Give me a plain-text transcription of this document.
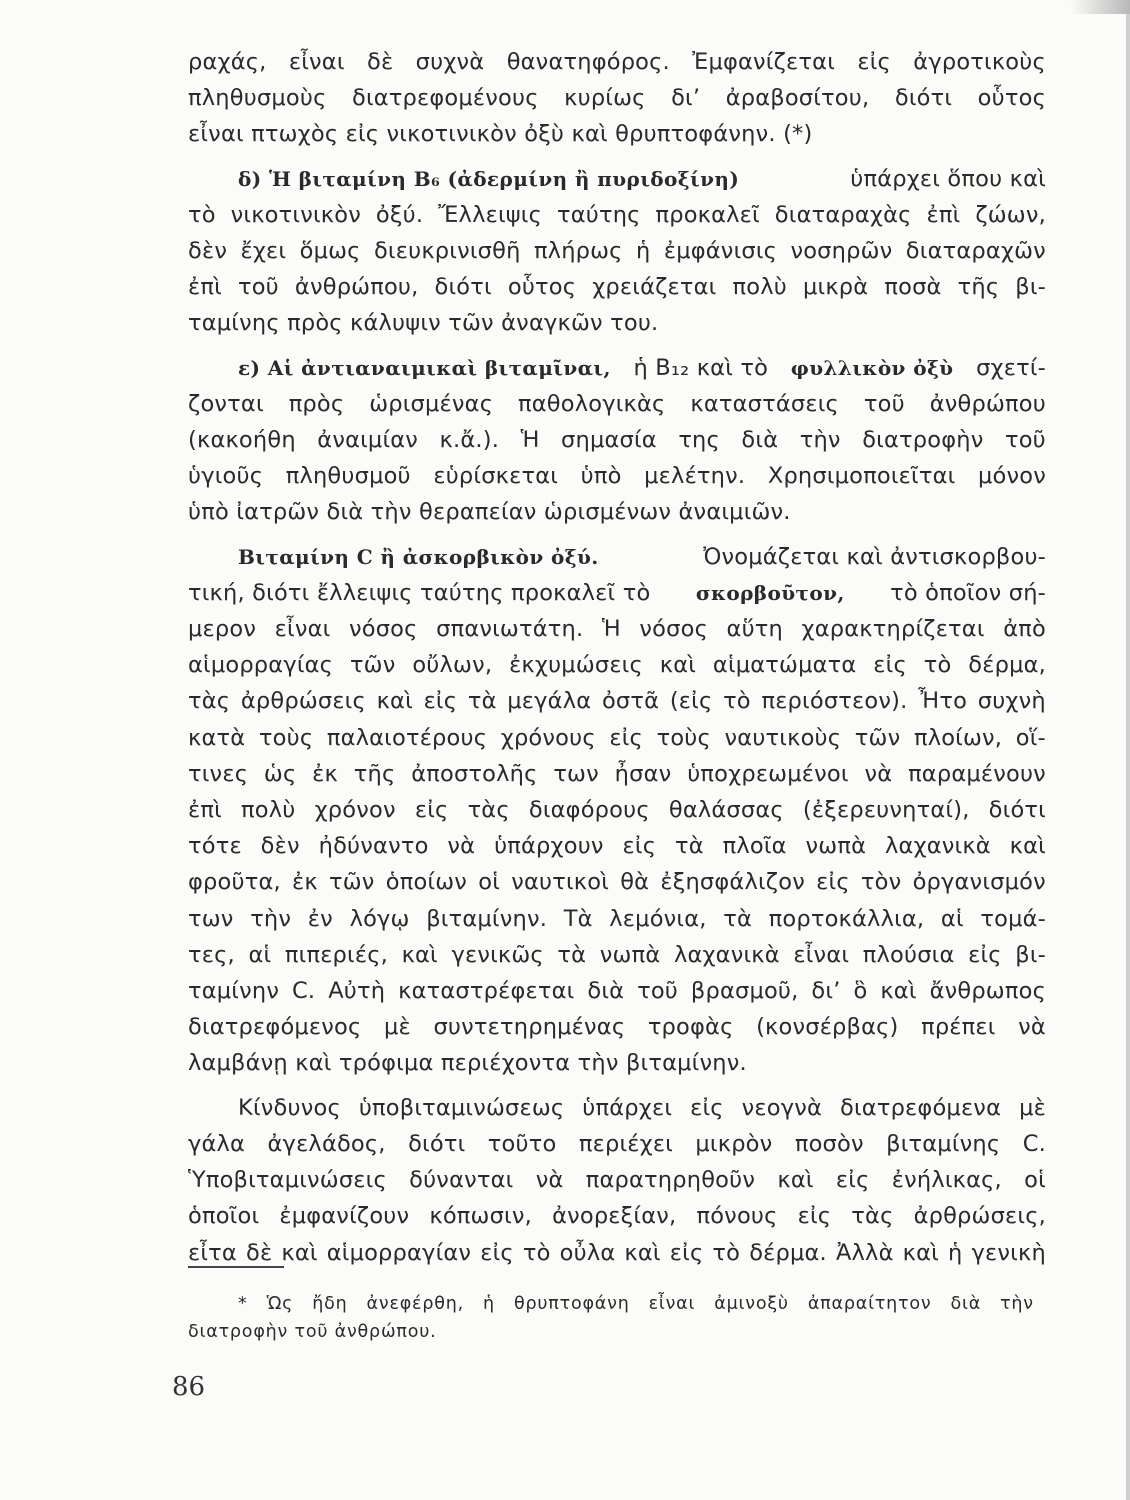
ραχάς, εἶναι δὲ συχνὰ θανατηφόρος. Ἐμφανίζεται εἰς ἀγροτικοὺς
πληθυσμοὺς διατρεφομένους κυρίως δι’ ἀραβοσίτου, διότι οὗτος
εἶναι πτωχὸς εἰς νικοτινικὸν ὀξὺ καὶ θρυπτοφάνην. (*)
δ) Ἡ βιταμίνη Β₆ (ἀδερμίνη ἢ πυριδοξίνη)	ὑπάρχει ὅπου καὶ
τὸ νικοτινικὸν ὀξύ. Ἔλλειψις ταύτης προκαλεῖ διαταραχὰς ἐπὶ ζώων,
δὲν ἔχει ὅμως διευκρινισθῆ πλήρως ἡ ἐμφάνισις νοσηρῶν διαταραχῶν
ἐπὶ τοῦ ἀνθρώπου, διότι οὗτος χρειάζεται πολὺ μικρὰ ποσὰ τῆς βι-
ταμίνης πρὸς κάλυψιν τῶν ἀναγκῶν του.
ε) Αἱ ἀντιαναιμικαὶ βιταμῖναι, ἡ Β₁₂ καὶ τὸ φυλλικὸν ὀξὺ σχετί-
ζονται πρὸς ὡρισμένας παθολογικὰς καταστάσεις τοῦ ἀνθρώπου
(κακοήθη ἀναιμίαν κ.ἄ.). Ἡ σημασία της διὰ τὴν διατροφὴν τοῦ
ὑγιοῦς πληθυσμοῦ εὑρίσκεται ὑπὸ μελέτην. Χρησιμοποιεῖται μόνον
ὑπὸ ἰατρῶν διὰ τὴν θεραπείαν ὡρισμένων ἀναιμιῶν.
Βιταμίνη C ἢ ἀσκορβικὸν ὀξύ.	Ὀνομάζεται καὶ ἀντισκορβου-
τική, διότι ἔλλειψις ταύτης προκαλεῖ τὸ σκορβοῦτον, τὸ ὁποῖον σή-
μερον εἶναι νόσος σπανιωτάτη. Ἡ νόσος αὕτη χαρακτηρίζεται ἀπὸ
αἱμορραγίας τῶν οὔλων, ἐκχυμώσεις καὶ αἱματώματα εἰς τὸ δέρμα,
τὰς ἀρθρώσεις καὶ εἰς τὰ μεγάλα ὀστᾶ (εἰς τὸ περιόστεον). Ἦτο συχνὴ
κατὰ τοὺς παλαιοτέρους χρόνους εἰς τοὺς ναυτικοὺς τῶν πλοίων, οἵ-
τινες ὡς ἐκ τῆς ἀποστολῆς των ἦσαν ὑποχρεωμένοι νὰ παραμένουν
ἐπὶ πολὺ χρόνον εἰς τὰς διαφόρους θαλάσσας (ἐξερευνηταί), διότι
τότε δὲν ἠδύναντο νὰ ὑπάρχουν εἰς τὰ πλοῖα νωπὰ λαχανικὰ καὶ
φροῦτα, ἐκ τῶν ὁποίων οἱ ναυτικοὶ θὰ ἐξησφάλιζον εἰς τὸν ὀργανισμόν
των τὴν ἐν λόγῳ βιταμίνην. Τὰ λεμόνια, τὰ πορτοκάλλια, αἱ τομά-
τες, αἱ πιπεριές, καὶ γενικῶς τὰ νωπὰ λαχανικὰ εἶναι πλούσια εἰς βι-
ταμίνην C. Αὐτὴ καταστρέφεται διὰ τοῦ βρασμοῦ, δι’ ὃ καὶ ἄνθρωπος
διατρεφόμενος μὲ συντετηρημένας τροφὰς (κονσέρβας) πρέπει νὰ
λαμβάνῃ καὶ τρόφιμα περιέχοντα τὴν βιταμίνην.
Κίνδυνος ὑποβιταμινώσεως ὑπάρχει εἰς νεογνὰ διατρεφόμενα μὲ
γάλα ἀγελάδος, διότι τοῦτο περιέχει μικρὸν ποσὸν βιταμίνης C.
Ὑποβιταμινώσεις δύνανται νὰ παρατηρηθοῦν καὶ εἰς ἐνήλικας, οἱ
ὁποῖοι ἐμφανίζουν κόπωσιν, ἀνορεξίαν, πόνους εἰς τὰς ἀρθρώσεις,
εἶτα δὲ καὶ αἱμορραγίαν εἰς τὸ οὖλα καὶ εἰς τὸ δέρμα. Ἀλλὰ καὶ ἡ γενικὴ
* Ὡς ἤδη ἀνεφέρθη, ἡ θρυπτοφάνη εἶναι ἀμινοξὺ ἀπαραίτητον διὰ τὴν
διατροφὴν τοῦ ἀνθρώπου.
86
